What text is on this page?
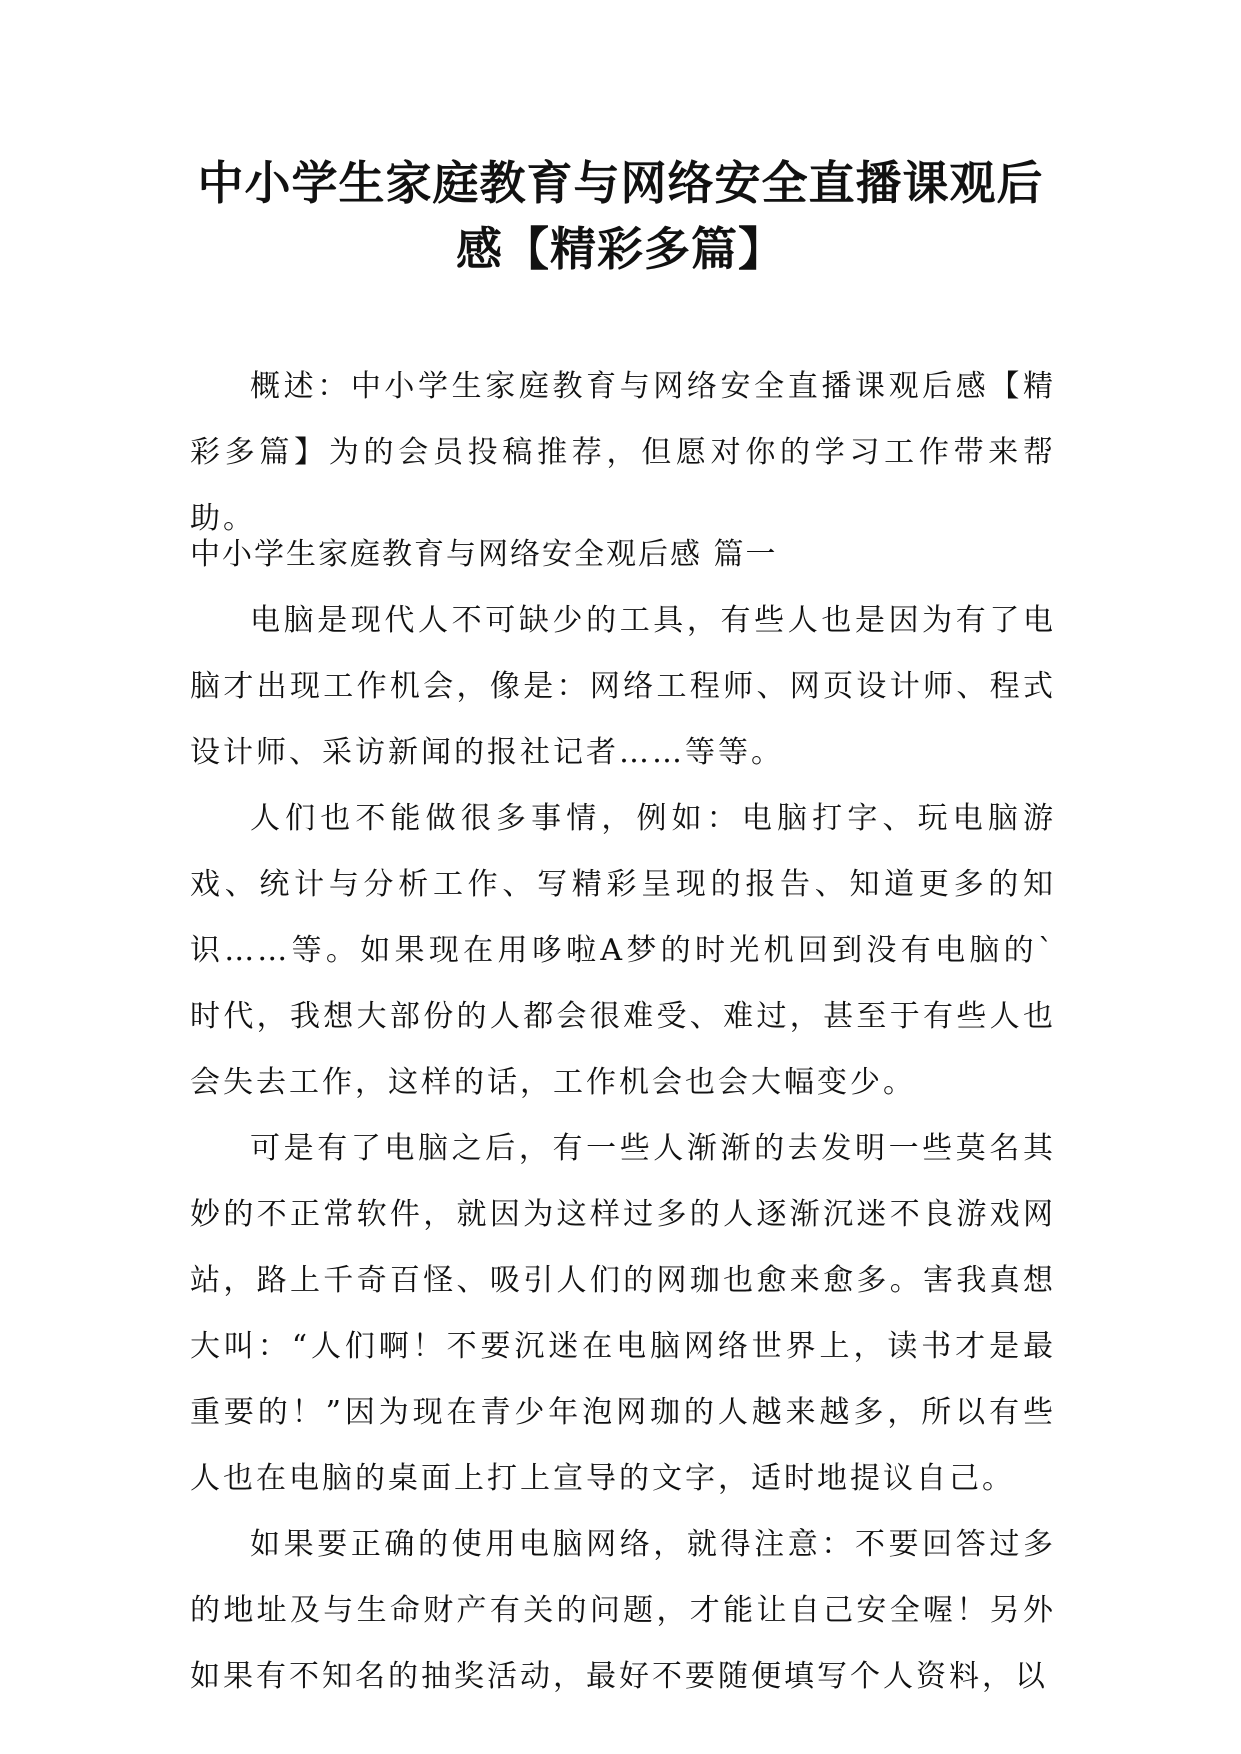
中小学生家庭教育与网络安全直播课观后
感【精彩多篇】

概述：中小学生家庭教育与网络安全直播课观后感【精彩多篇】为的会员投稿推荐，但愿对你的学习工作带来帮助。

中小学生家庭教育与网络安全观后感 篇一

电脑是现代人不可缺少的工具，有些人也是因为有了电脑才出现工作机会，像是：网络工程师、网页设计师、程式设计师、采访新闻的报社记者……等等。

人们也不能做很多事情，例如：电脑打字、玩电脑游戏、统计与分析工作、写精彩呈现的报告、知道更多的知识……等。如果现在用哆啦A梦的时光机回到没有电脑的`时代，我想大部份的人都会很难受、难过，甚至于有些人也会失去工作，这样的话，工作机会也会大幅变少。

可是有了电脑之后，有一些人渐渐的去发明一些莫名其妙的不正常软件，就因为这样过多的人逐渐沉迷不良游戏网站，路上千奇百怪、吸引人们的网珈也愈来愈多。害我真想大叫：“人们啊！不要沉迷在电脑网络世界上，读书才是最重要的！”因为现在青少年泡网珈的人越来越多，所以有些人也在电脑的桌面上打上宣导的文字，适时地提议自己。

如果要正确的使用电脑网络，就得注意：不要回答过多的地址及与生命财产有关的问题，才能让自己安全喔！另外如果有不知名的抽奖活动，最好不要随便填写个人资料，以
